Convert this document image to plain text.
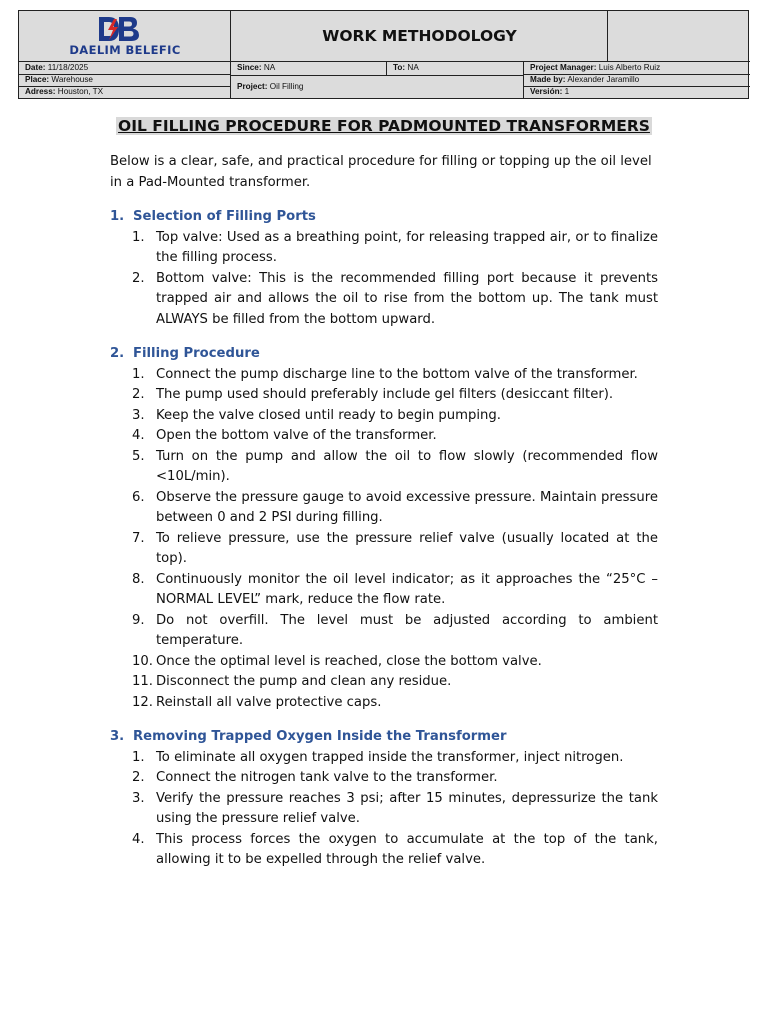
DAELIM BELEFIC
WORK METHODOLOGY
Date: 11/18/2025
Place: Warehouse
Adress: Houston, TX
Since: NA	To: NA
Project: Oil Filling
Project Manager: Luis Alberto Ruiz
Made by: Alexander Jaramillo
Versión: 1
OIL FILLING PROCEDURE FOR PADMOUNTED TRANSFORMERS

Below is a clear, safe, and practical procedure for filling or topping up the oil level in a Pad-Mounted transformer.

1. Selection of Filling Ports
1. Top valve: Used as a breathing point, for releasing trapped air, or to finalize the filling process.
2. Bottom valve: This is the recommended filling port because it prevents trapped air and allows the oil to rise from the bottom up. The tank must ALWAYS be filled from the bottom upward.
2. Filling Procedure
1. Connect the pump discharge line to the bottom valve of the transformer.
2. The pump used should preferably include gel filters (desiccant filter).
3. Keep the valve closed until ready to begin pumping.
4. Open the bottom valve of the transformer.
5. Turn on the pump and allow the oil to flow slowly (recommended flow <10L/min).
6. Observe the pressure gauge to avoid excessive pressure. Maintain pressure between 0 and 2 PSI during filling.
7. To relieve pressure, use the pressure relief valve (usually located at the top).
8. Continuously monitor the oil level indicator; as it approaches the “25°C – NORMAL LEVEL” mark, reduce the flow rate.
9. Do not overfill. The level must be adjusted according to ambient temperature.
10. Once the optimal level is reached, close the bottom valve.
11. Disconnect the pump and clean any residue.
12. Reinstall all valve protective caps.
3. Removing Trapped Oxygen Inside the Transformer
1. To eliminate all oxygen trapped inside the transformer, inject nitrogen.
2. Connect the nitrogen tank valve to the transformer.
3. Verify the pressure reaches 3 psi; after 15 minutes, depressurize the tank using the pressure relief valve.
4. This process forces the oxygen to accumulate at the top of the tank, allowing it to be expelled through the relief valve.
